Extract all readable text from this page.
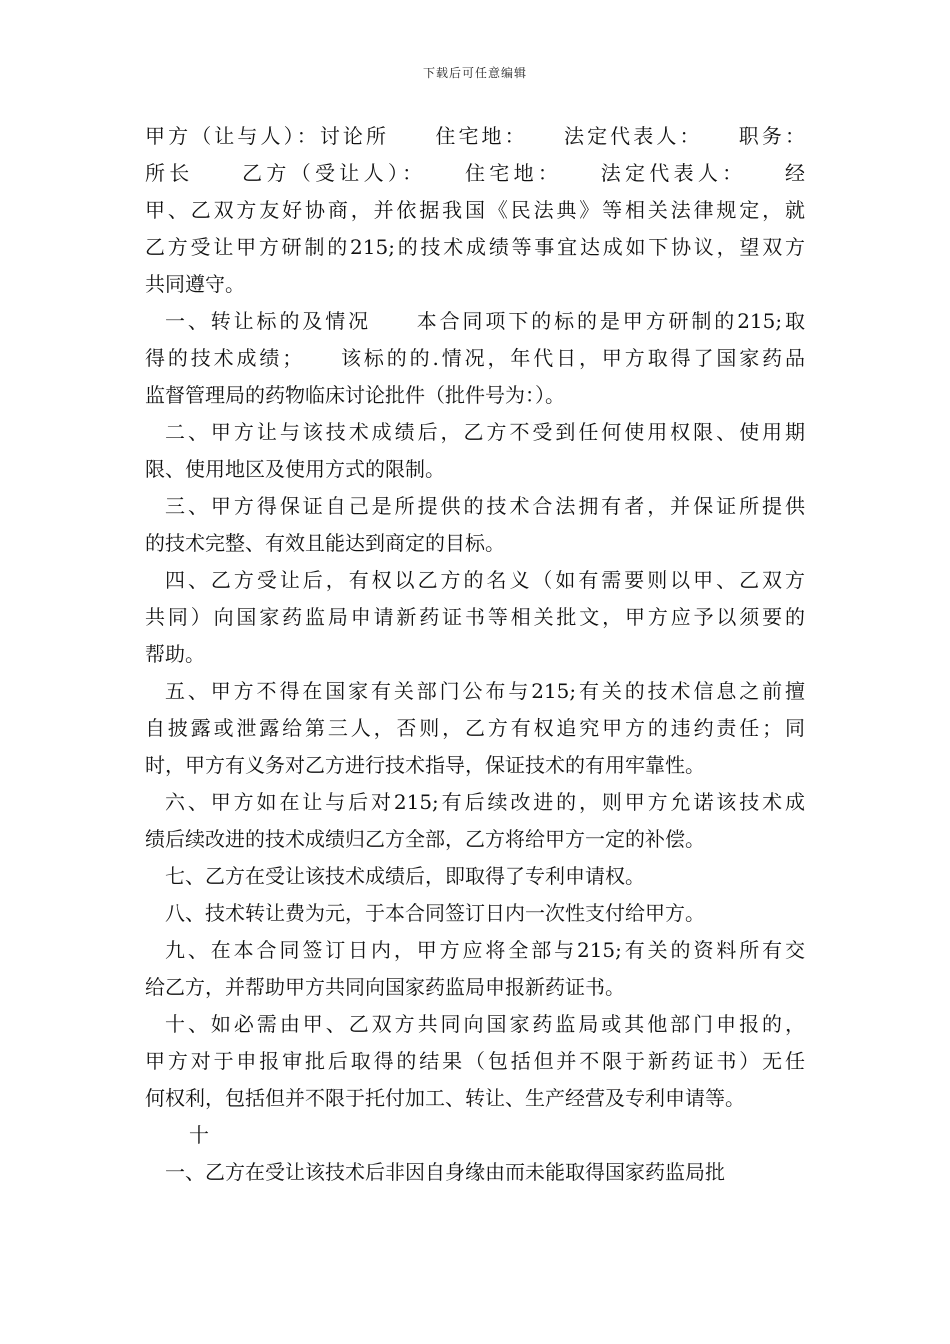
下载后可任意编辑
甲方（让与人）：讨论所　　住宅地：　　法定代表人：　　职务：
所长　　乙方（受让人）：　　住宅地：　　法定代表人：　　经
甲、乙双方友好协商，并依据我国《民法典》等相关法律规定，就
乙方受让甲方研制的215;的技术成绩等事宜达成如下协议，望双方
共同遵守。
一、转让标的及情况　　本合同项下的标的是甲方研制的215;取
得的技术成绩；　　该标的的.情况，年代日，甲方取得了国家药品
监督管理局的药物临床讨论批件（批件号为：）。
二、甲方让与该技术成绩后，乙方不受到任何使用权限、使用期
限、使用地区及使用方式的限制。
三、甲方得保证自己是所提供的技术合法拥有者，并保证所提供
的技术完整、有效且能达到商定的目标。
四、乙方受让后，有权以乙方的名义（如有需要则以甲、乙双方
共同）向国家药监局申请新药证书等相关批文，甲方应予以须要的
帮助。
五、甲方不得在国家有关部门公布与215;有关的技术信息之前擅
自披露或泄露给第三人，否则，乙方有权追究甲方的违约责任；同
时，甲方有义务对乙方进行技术指导，保证技术的有用牢靠性。
六、甲方如在让与后对215;有后续改进的，则甲方允诺该技术成
绩后续改进的技术成绩归乙方全部，乙方将给甲方一定的补偿。
七、乙方在受让该技术成绩后，即取得了专利申请权。
八、技术转让费为元，于本合同签订日内一次性支付给甲方。
九、在本合同签订日内，甲方应将全部与215;有关的资料所有交
给乙方，并帮助甲方共同向国家药监局申报新药证书。
十、如必需由甲、乙双方共同向国家药监局或其他部门申报的，
甲方对于申报审批后取得的结果（包括但并不限于新药证书）无任
何权利，包括但并不限于托付加工、转让、生产经营及专利申请等。
十
一、乙方在受让该技术后非因自身缘由而未能取得国家药监局批
